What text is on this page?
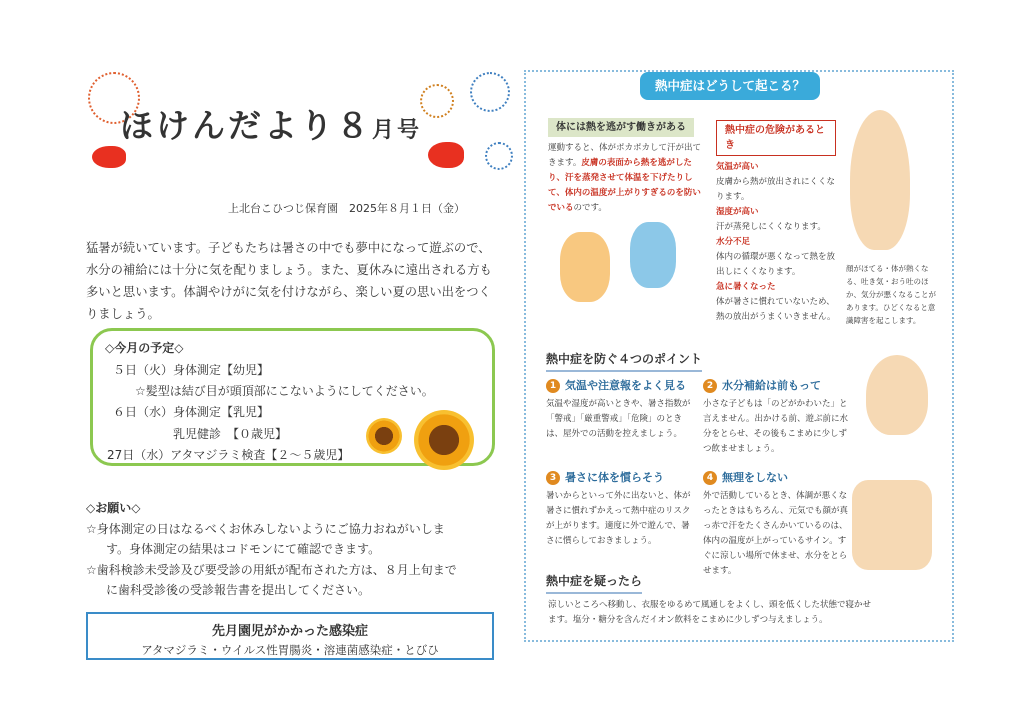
ほけんだより８月号
上北台こひつじ保育園　2025年８月１日（金）
猛暑が続いています。子どもたちは暑さの中でも夢中になって遊ぶので、水分の補給には十分に気を配りましょう。また、夏休みに遠出される方も多いと思います。体調やけがに気を付けながら、楽しい夏の思い出をつくりましょう。
◇今月の予定◇
５日（火）身体測定【幼児】
☆髪型は結び目が頭頂部にこないようにしてください。
６日（水）身体測定【乳児】
乳児健診　【０歳児】
27日（水）アタマジラミ検査【２～５歳児】

◇お願い◇

☆身体測定の日はなるべくお休みしないようにご協力おねがいしま

す。身体測定の結果はコドモンにて確認できます。

☆歯科検診未受診及び要受診の用紙が配布された方は、８月上旬まで

に歯科受診後の受診報告書を提出してください。

先月園児がかかった感染症
アタマジラミ・ウイルス性胃腸炎・溶連菌感染症・とびひ
熱中症はどうして起こる？
体には熱を逃がす働きがある
運動すると、体がポカポカして汗が出てきます。皮膚の表面から熱を逃がしたり、汗を蒸発させて体温を下げたりして、体内の温度が上がりすぎるのを防いでいるのです。
熱中症の危険があるとき
気温が高い
皮膚から熱が放出されにくくなります。
湿度が高い
汗が蒸発しにくくなります。
水分不足
体内の循環が悪くなって熱を放出しにくくなります。
急に暑くなった
体が暑さに慣れていないため、熱の放出がうまくいきません。
顔がほてる・体が熱くなる、吐き気・おう吐のほか、気分が悪くなることがあります。ひどくなると意識障害を起こします。
熱中症を防ぐ４つのポイント
1 気温や注意報をよく見る
気温や湿度が高いときや、暑さ指数が「警戒」「厳重警戒」「危険」のときは、屋外での活動を控えましょう。
2 水分補給は前もって
小さな子どもは「のどがかわいた」と言えません。出かける前、遊ぶ前に水分をとらせ、その後もこまめに少しずつ飲ませましょう。
3 暑さに体を慣らそう
暑いからといって外に出ないと、体が暑さに慣れずかえって熱中症のリスクが上がります。適度に外で遊んで、暑さに慣らしておきましょう。
4 無理をしない
外で活動しているとき、体調が悪くなったときはもちろん、元気でも顔が真っ赤で汗をたくさんかいているのは、体内の温度が上がっているサイン。すぐに涼しい場所で休ませ、水分をとらせます。
熱中症を疑ったら
涼しいところへ移動し、衣服をゆるめて風通しをよくし、頭を低くした状態で寝かせます。塩分・糖分を含んだイオン飲料をこまめに少しずつ与えましょう。
